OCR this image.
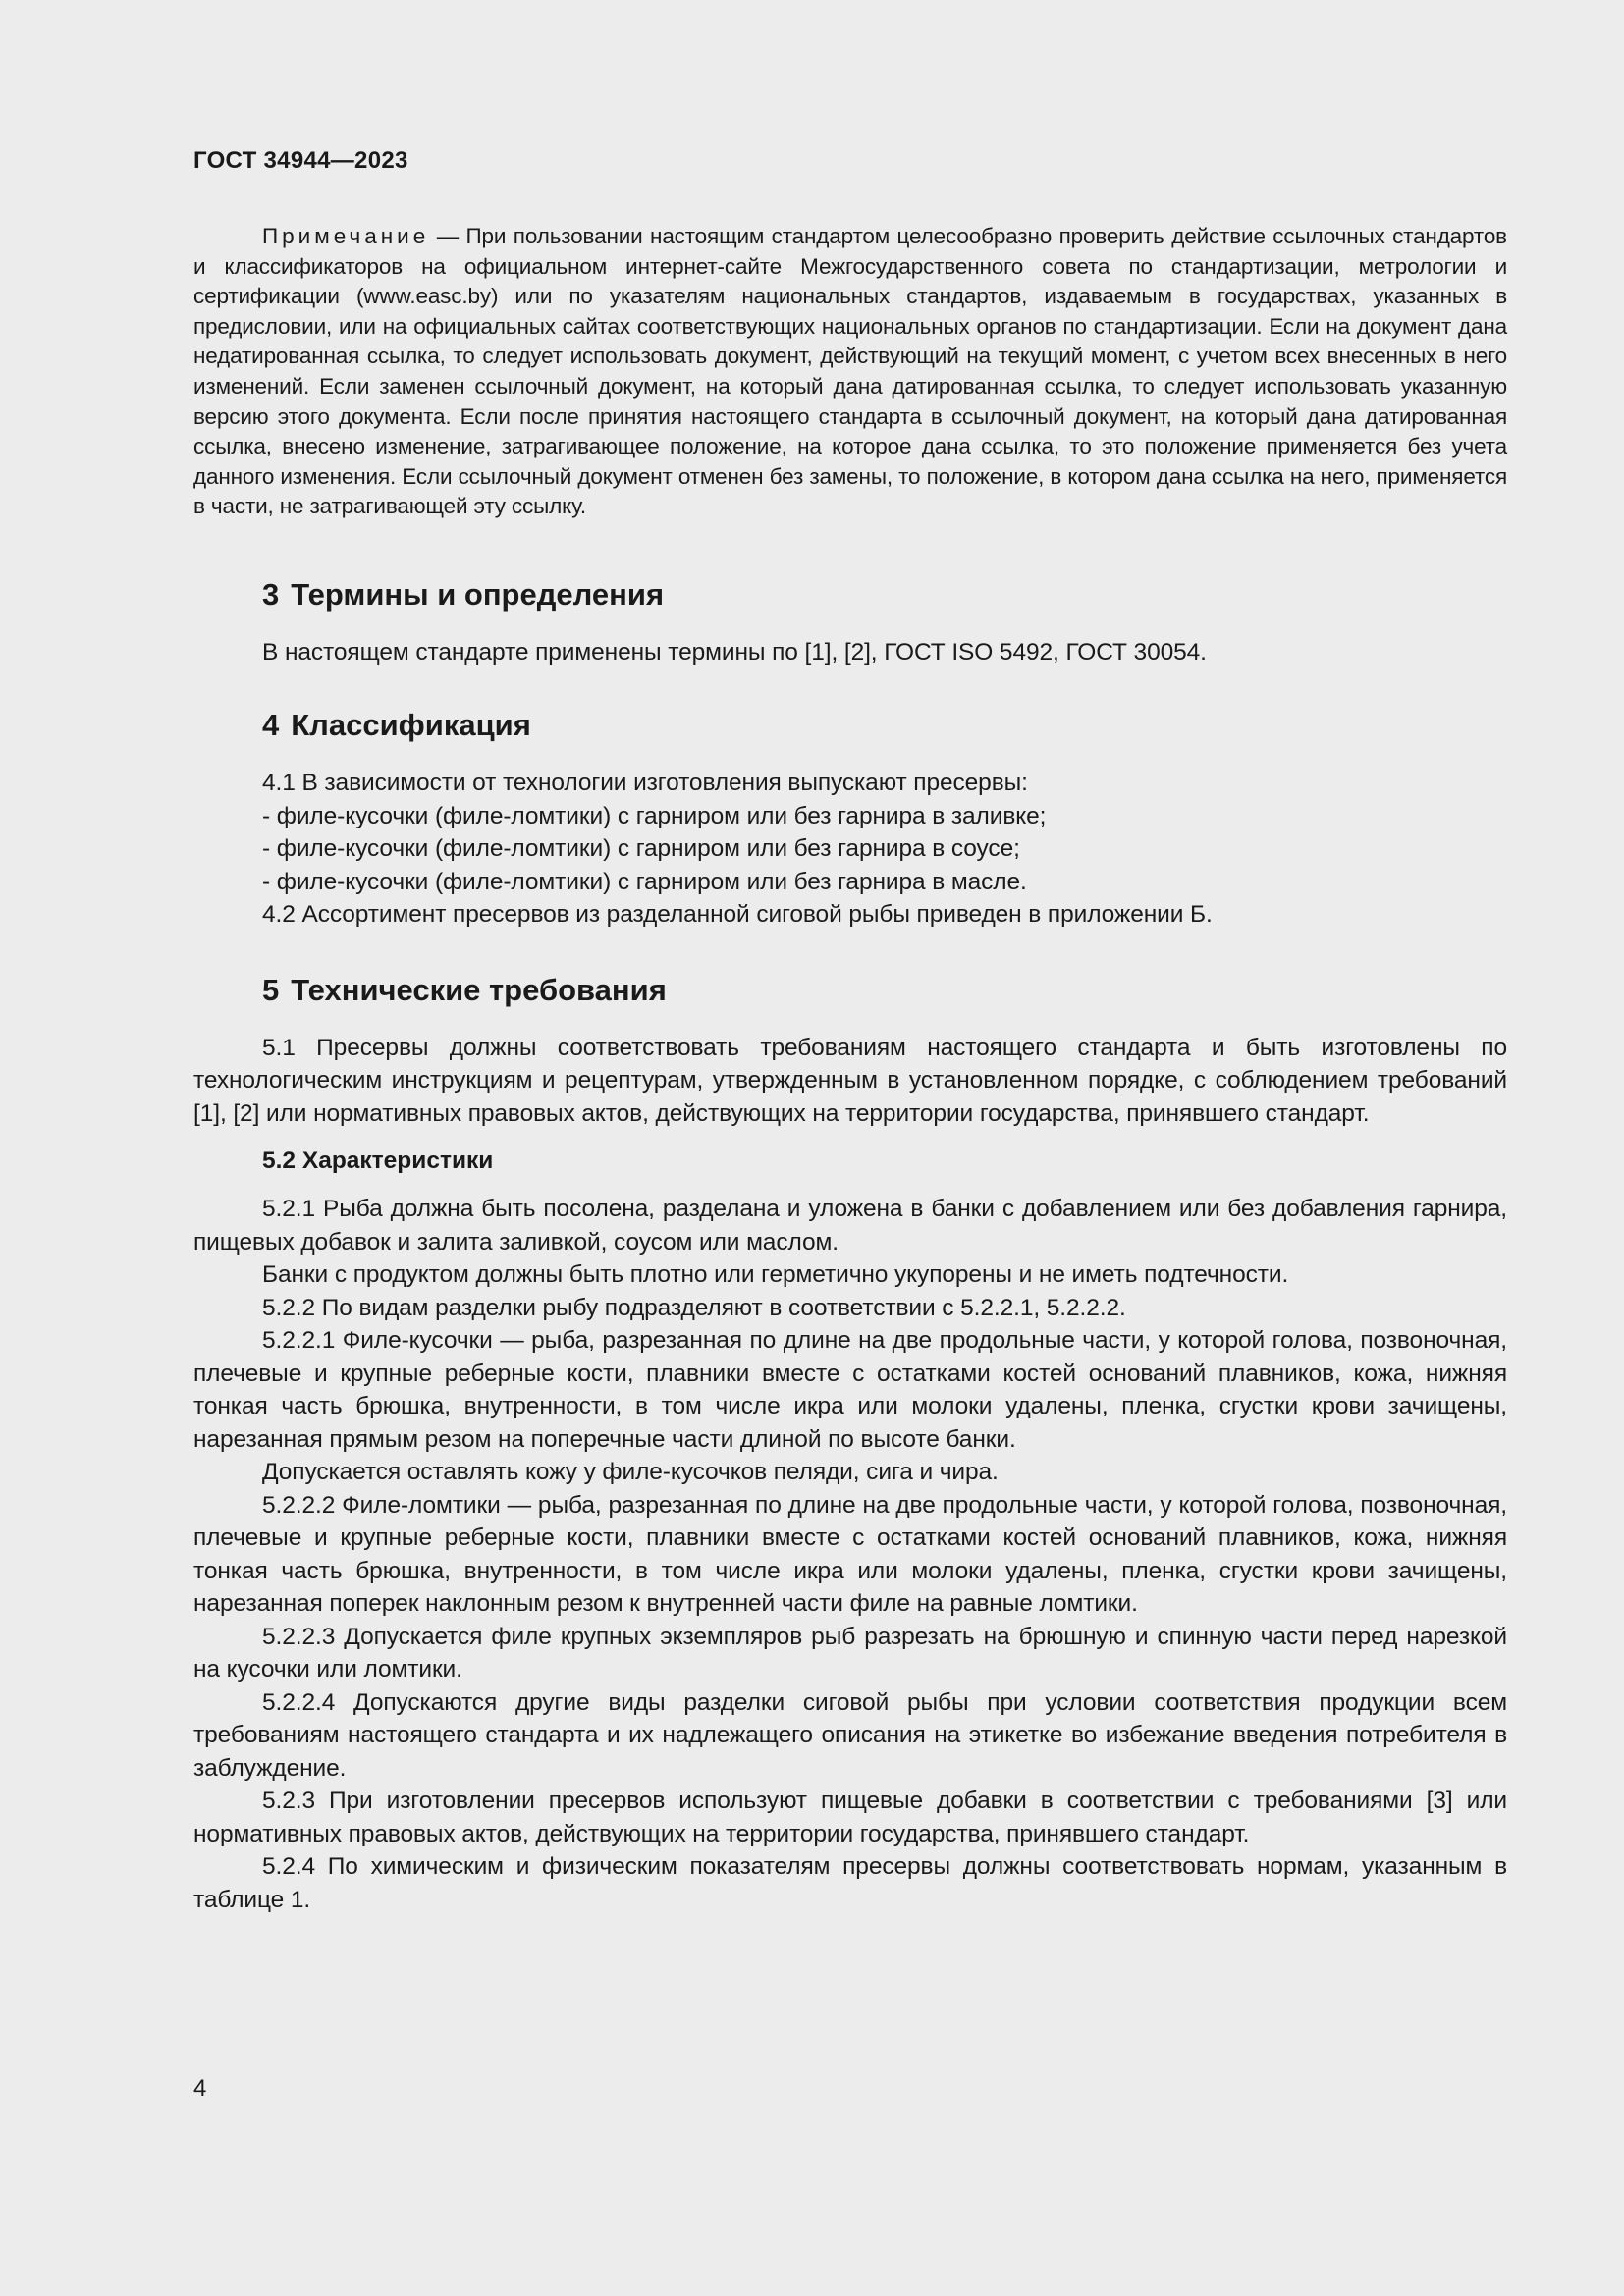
ГОСТ 34944—2023

Примечание — При пользовании настоящим стандартом целесообразно проверить действие ссылочных стандартов и классификаторов на официальном интернет-сайте Межгосударственного совета по стандартизации, метрологии и сертификации (www.easc.by) или по указателям национальных стандартов, издаваемым в государствах, указанных в предисловии, или на официальных сайтах соответствующих национальных органов по стандартизации. Если на документ дана недатированная ссылка, то следует использовать документ, действующий на текущий момент, с учетом всех внесенных в него изменений. Если заменен ссылочный документ, на который дана датированная ссылка, то следует использовать указанную версию этого документа. Если после принятия настоящего стандарта в ссылочный документ, на который дана датированная ссылка, внесено изменение, затрагивающее положение, на которое дана ссылка, то это положение применяется без учета данного изменения. Если ссылочный документ отменен без замены, то положение, в котором дана ссылка на него, применяется в части, не затрагивающей эту ссылку.

3 Термины и определения

В настоящем стандарте применены термины по [1], [2], ГОСТ ISO 5492, ГОСТ 30054.

4 Классификация

4.1 В зависимости от технологии изготовления выпускают пресервы:

- филе-кусочки (филе-ломтики) с гарниром или без гарнира в заливке;

- филе-кусочки (филе-ломтики) с гарниром или без гарнира в соусе;

- филе-кусочки (филе-ломтики) с гарниром или без гарнира в масле.

4.2 Ассортимент пресервов из разделанной сиговой рыбы приведен в приложении Б.

5 Технические требования

5.1 Пресервы должны соответствовать требованиям настоящего стандарта и быть изготовлены по технологическим инструкциям и рецептурам, утвержденным в установленном порядке, с соблюдением требований [1], [2] или нормативных правовых актов, действующих на территории государства, принявшего стандарт.

5.2 Характеристики

5.2.1 Рыба должна быть посолена, разделана и уложена в банки с добавлением или без добавления гарнира, пищевых добавок и залита заливкой, соусом или маслом.

Банки с продуктом должны быть плотно или герметично укупорены и не иметь подтечности.

5.2.2 По видам разделки рыбу подразделяют в соответствии с 5.2.2.1, 5.2.2.2.

5.2.2.1 Филе-кусочки — рыба, разрезанная по длине на две продольные части, у которой голова, позвоночная, плечевые и крупные реберные кости, плавники вместе с остатками костей оснований плавников, кожа, нижняя тонкая часть брюшка, внутренности, в том числе икра или молоки удалены, пленка, сгустки крови зачищены, нарезанная прямым резом на поперечные части длиной по высоте банки.

Допускается оставлять кожу у филе-кусочков пеляди, сига и чира.

5.2.2.2 Филе-ломтики — рыба, разрезанная по длине на две продольные части, у которой голова, позвоночная, плечевые и крупные реберные кости, плавники вместе с остатками костей оснований плавников, кожа, нижняя тонкая часть брюшка, внутренности, в том числе икра или молоки удалены, пленка, сгустки крови зачищены, нарезанная поперек наклонным резом к внутренней части филе на равные ломтики.

5.2.2.3 Допускается филе крупных экземпляров рыб разрезать на брюшную и спинную части перед нарезкой на кусочки или ломтики.

5.2.2.4 Допускаются другие виды разделки сиговой рыбы при условии соответствия продукции всем требованиям настоящего стандарта и их надлежащего описания на этикетке во избежание введения потребителя в заблуждение.

5.2.3 При изготовлении пресервов используют пищевые добавки в соответствии с требованиями [3] или нормативных правовых актов, действующих на территории государства, принявшего стандарт.

5.2.4 По химическим и физическим показателям пресервы должны соответствовать нормам, указанным в таблице 1.

4
